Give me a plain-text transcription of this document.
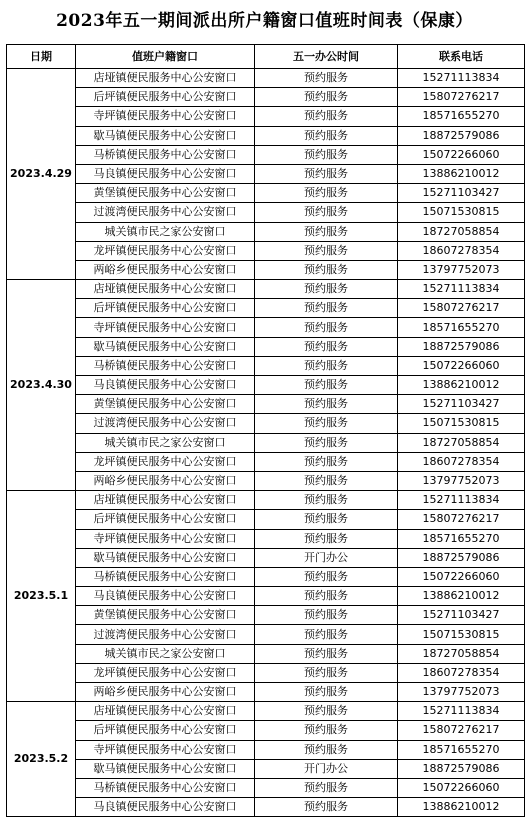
2023年五一期间派出所户籍窗口值班时间表（保康）
日期	值班户籍窗口	五一办公时间	联系电话
2023.4.29	店垭镇便民服务中心公安窗口	预约服务	15271113834
	后坪镇便民服务中心公安窗口	预约服务	15807276217
	寺坪镇便民服务中心公安窗口	预约服务	18571655270
	歇马镇便民服务中心公安窗口	预约服务	18872579086
	马桥镇便民服务中心公安窗口	预约服务	15072266060
	马良镇便民服务中心公安窗口	预约服务	13886210012
	黄堡镇便民服务中心公安窗口	预约服务	15271103427
	过渡湾便民服务中心公安窗口	预约服务	15071530815
	城关镇市民之家公安窗口	预约服务	18727058854
	龙坪镇便民服务中心公安窗口	预约服务	18607278354
	两峪乡便民服务中心公安窗口	预约服务	13797752073
2023.4.30	店垭镇便民服务中心公安窗口	预约服务	15271113834
	后坪镇便民服务中心公安窗口	预约服务	15807276217
	寺坪镇便民服务中心公安窗口	预约服务	18571655270
	歇马镇便民服务中心公安窗口	预约服务	18872579086
	马桥镇便民服务中心公安窗口	预约服务	15072266060
	马良镇便民服务中心公安窗口	预约服务	13886210012
	黄堡镇便民服务中心公安窗口	预约服务	15271103427
	过渡湾便民服务中心公安窗口	预约服务	15071530815
	城关镇市民之家公安窗口	预约服务	18727058854
	龙坪镇便民服务中心公安窗口	预约服务	18607278354
	两峪乡便民服务中心公安窗口	预约服务	13797752073
2023.5.1	店垭镇便民服务中心公安窗口	预约服务	15271113834
	后坪镇便民服务中心公安窗口	预约服务	15807276217
	寺坪镇便民服务中心公安窗口	预约服务	18571655270
	歇马镇便民服务中心公安窗口	开门办公	18872579086
	马桥镇便民服务中心公安窗口	预约服务	15072266060
	马良镇便民服务中心公安窗口	预约服务	13886210012
	黄堡镇便民服务中心公安窗口	预约服务	15271103427
	过渡湾便民服务中心公安窗口	预约服务	15071530815
	城关镇市民之家公安窗口	预约服务	18727058854
	龙坪镇便民服务中心公安窗口	预约服务	18607278354
	两峪乡便民服务中心公安窗口	预约服务	13797752073
2023.5.2	店垭镇便民服务中心公安窗口	预约服务	15271113834
	后坪镇便民服务中心公安窗口	预约服务	15807276217
	寺坪镇便民服务中心公安窗口	预约服务	18571655270
	歇马镇便民服务中心公安窗口	开门办公	18872579086
	马桥镇便民服务中心公安窗口	预约服务	15072266060
	马良镇便民服务中心公安窗口	预约服务	13886210012
